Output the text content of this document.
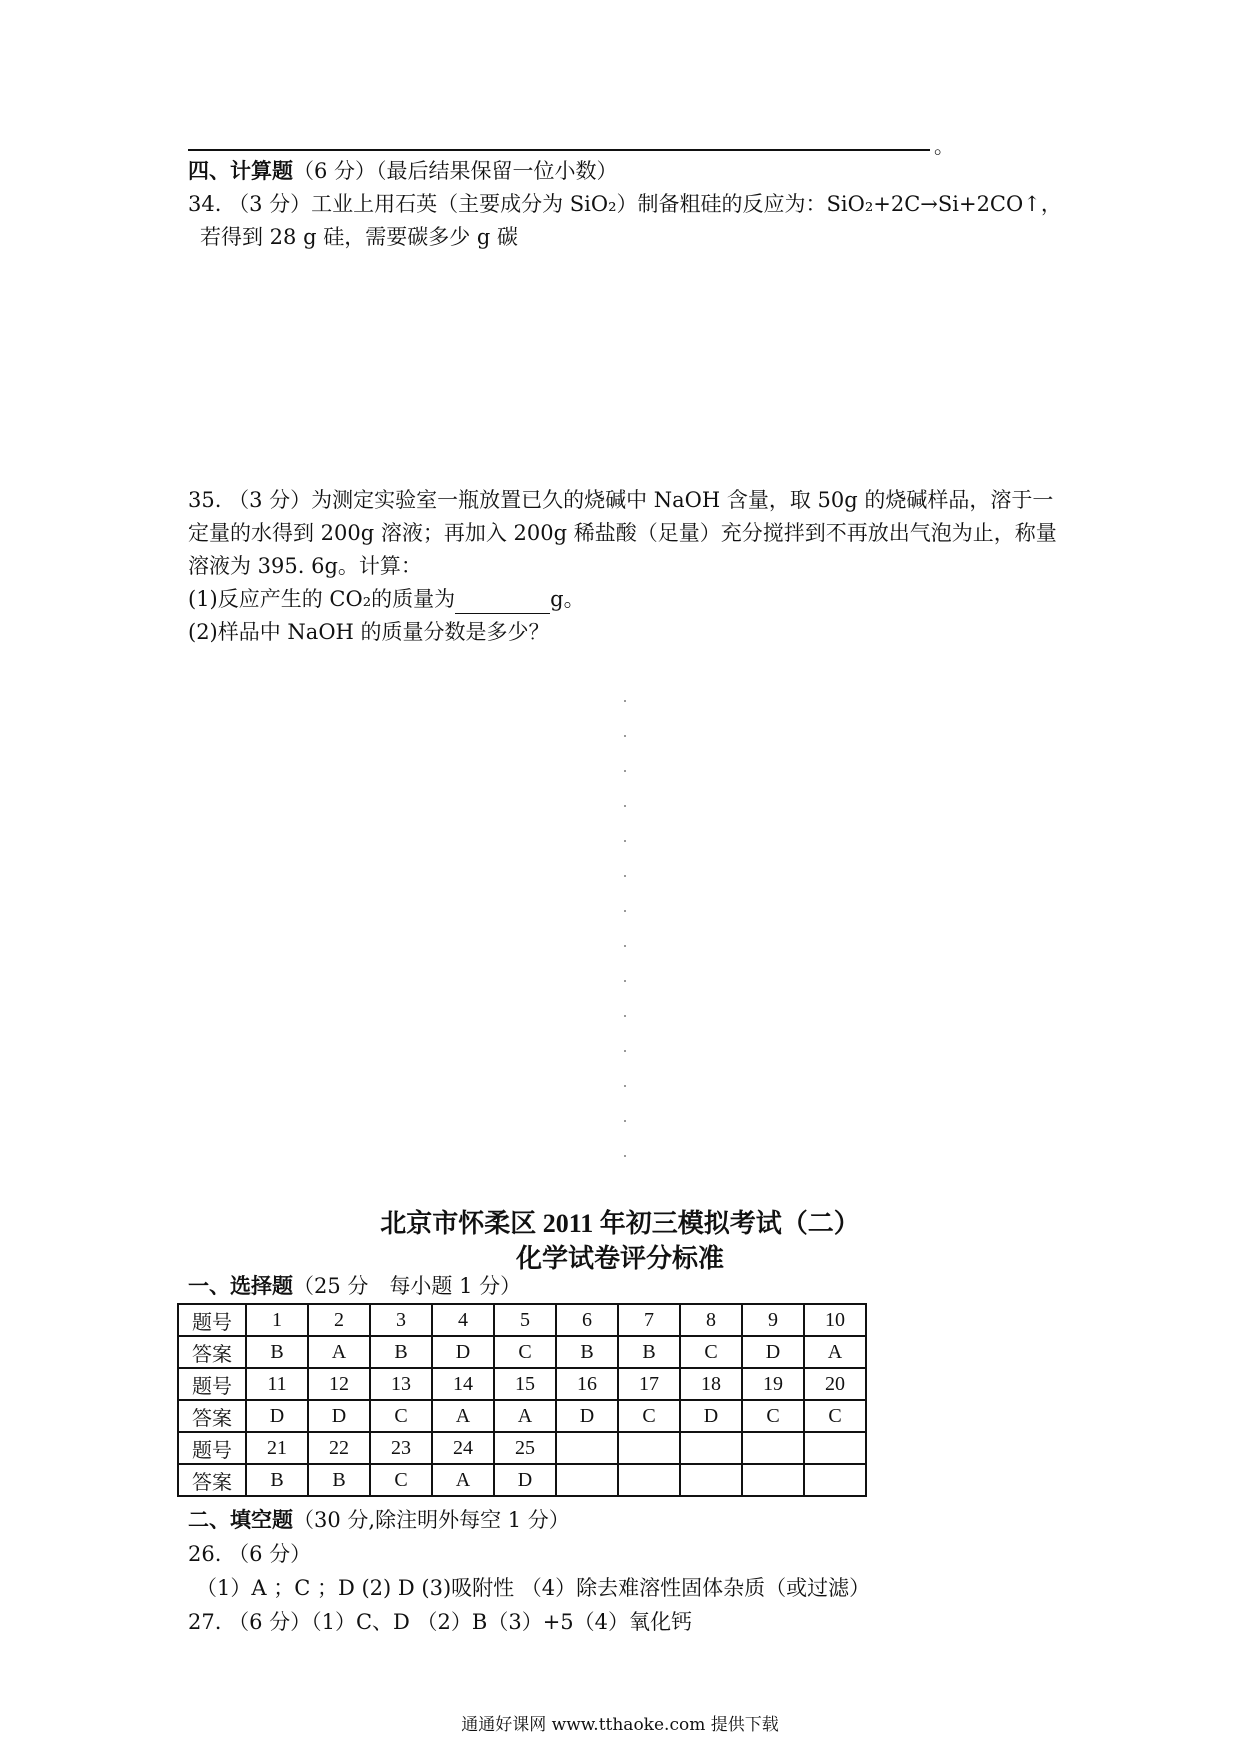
。
四、计算题（6 分）（最后结果保留一位小数）
34. （3 分）工业上用石英（主要成分为 SiO₂）制备粗硅的反应为：SiO₂+2C→Si+2CO↑，
若得到 28 g 硅，需要碳多少 g 碳
35. （3 分）为测定实验室一瓶放置已久的烧碱中 NaOH 含量，取 50g 的烧碱样品，溶于一
定量的水得到 200g 溶液；再加入 200g 稀盐酸（足量）充分搅拌到不再放出气泡为止，称量
溶液为 395. 6g。计算：
(1)反应产生的 CO₂的质量为	g。
(2)样品中 NaOH 的质量分数是多少？
北京市怀柔区 2011 年初三模拟考试（二）
化学试卷评分标准
一、选择题（25 分　每小题 1 分）
题号	1	2	3	4	5	6	7	8	9	10
答案	B	A	B	D	C	B	B	C	D	A
题号	11	12	13	14	15	16	17	18	19	20
答案	D	D	C	A	A	D	C	D	C	C
题号	21	22	23	24	25					
答案	B	B	C	A	D					
二、填空题（30 分,除注明外每空 1 分）
26. （6 分）
（1）A ；C ；D (2) D (3)吸附性 （4）除去难溶性固体杂质（或过滤）
27. （6 分）（1）C、D （2）B（3）+5（4）氧化钙
通通好课网 www.tthaoke.com 提供下载
